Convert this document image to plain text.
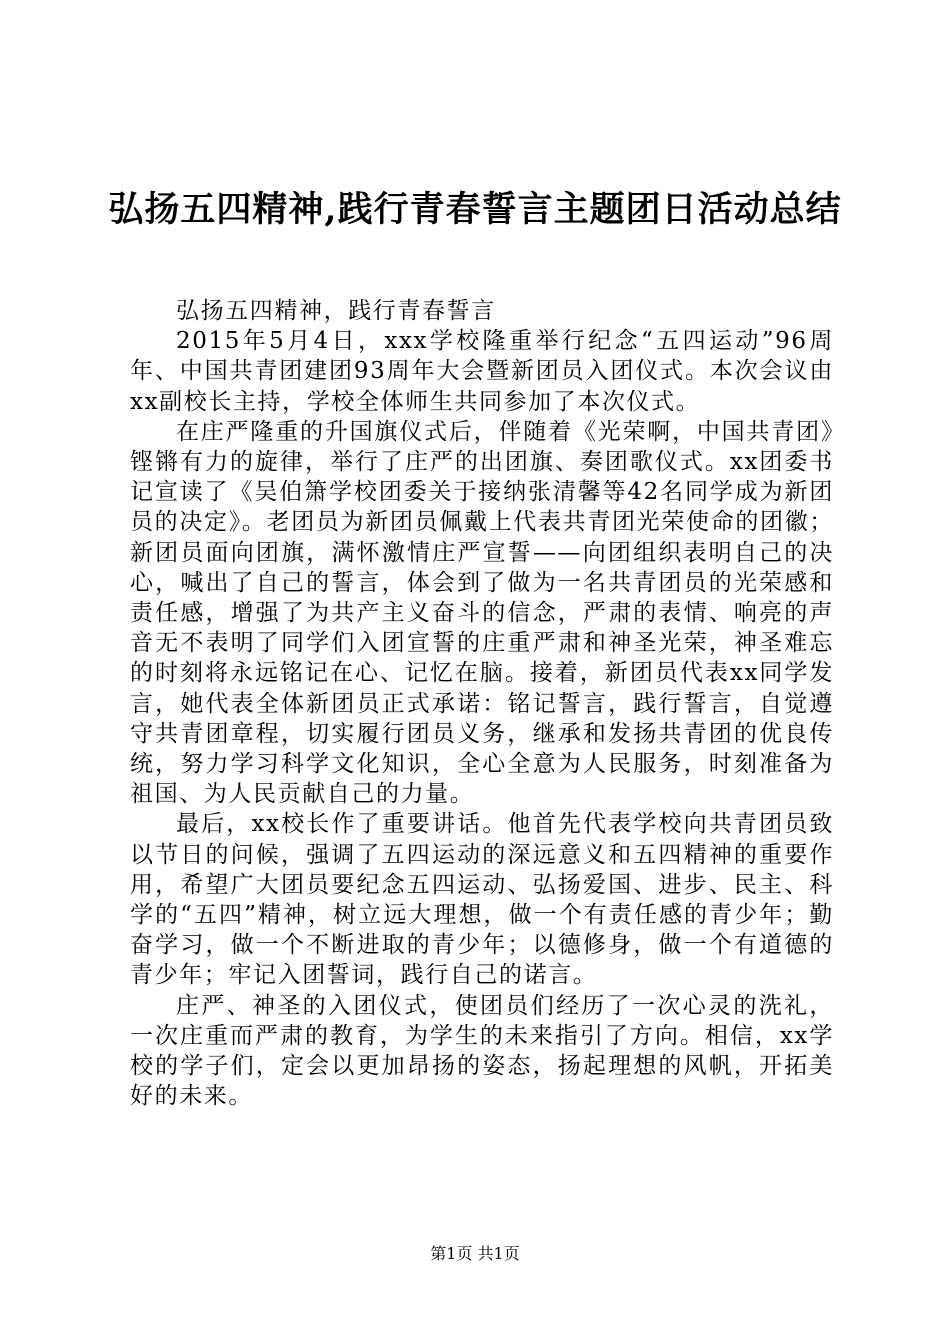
弘扬五四精神,践行青春誓言主题团日活动总结

弘扬五四精神，践行青春誓言

2015年5月4日，xxx学校隆重举行纪念“五四运动”96周年、中国共青团建团93周年大会暨新团员入团仪式。本次会议由xx副校长主持，学校全体师生共同参加了本次仪式。

在庄严隆重的升国旗仪式后，伴随着《光荣啊，中国共青团》铿锵有力的旋律，举行了庄严的出团旗、奏团歌仪式。xx团委书记宣读了《吴伯箫学校团委关于接纳张清馨等42名同学成为新团员的决定》。老团员为新团员佩戴上代表共青团光荣使命的团徽；新团员面向团旗，满怀激情庄严宣誓——向团组织表明自己的决心，喊出了自己的誓言，体会到了做为一名共青团员的光荣感和责任感，增强了为共产主义奋斗的信念，严肃的表情、响亮的声音无不表明了同学们入团宣誓的庄重严肃和神圣光荣，神圣难忘的时刻将永远铭记在心、记忆在脑。接着，新团员代表xx同学发言，她代表全体新团员正式承诺：铭记誓言，践行誓言，自觉遵守共青团章程，切实履行团员义务，继承和发扬共青团的优良传统，努力学习科学文化知识，全心全意为人民服务，时刻准备为祖国、为人民贡献自己的力量。

最后，xx校长作了重要讲话。他首先代表学校向共青团员致以节日的问候，强调了五四运动的深远意义和五四精神的重要作用，希望广大团员要纪念五四运动、弘扬爱国、进步、民主、科学的“五四”精神，树立远大理想，做一个有责任感的青少年；勤奋学习，做一个不断进取的青少年；以德修身，做一个有道德的青少年；牢记入团誓词，践行自己的诺言。

庄严、神圣的入团仪式，使团员们经历了一次心灵的洗礼，一次庄重而严肃的教育，为学生的未来指引了方向。相信，xx学校的学子们，定会以更加昂扬的姿态，扬起理想的风帆，开拓美好的未来。

第1页 共1页
